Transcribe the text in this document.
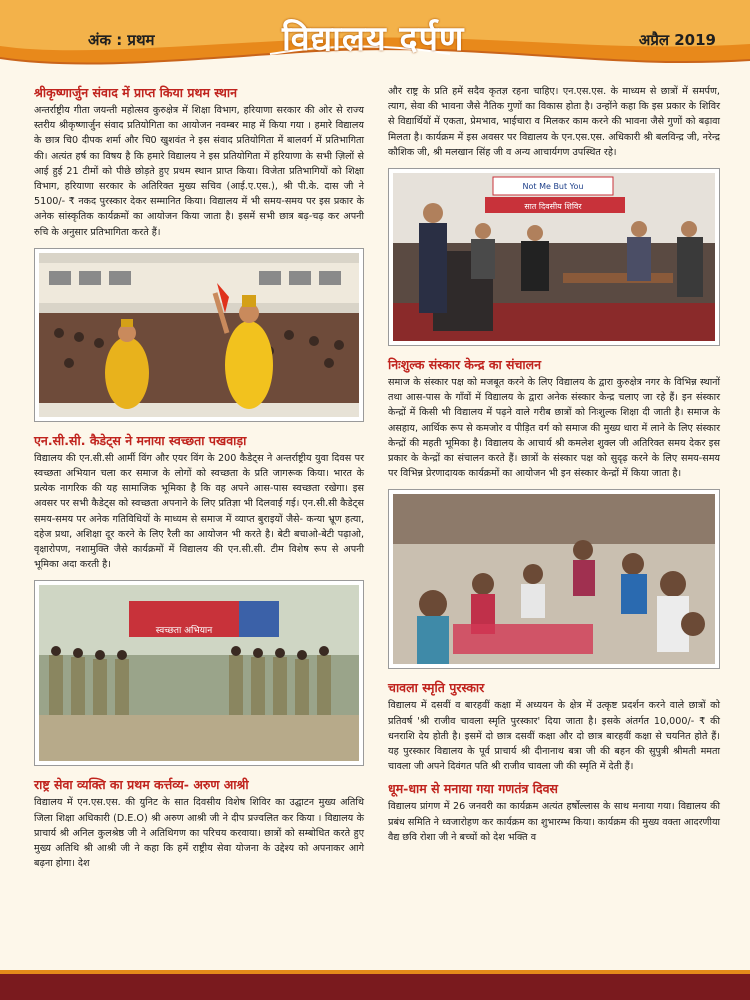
अंक : प्रथम	विद्यालय दर्पण	अप्रैल 2019
श्रीकृष्णार्जुन संवाद में प्राप्त किया प्रथम स्थान

अन्तर्राष्ट्रीय गीता जयन्ती महोत्सव कुरुक्षेत्र में शिक्षा विभाग, हरियाणा सरकार की ओर से राज्य स्तरीय श्रीकृष्णार्जुन संवाद प्रतियोगिता का आयोजन नवम्बर माह में किया गया । हमारे विद्यालय के छात्र चि0 दीपक शर्मा और चि0 खुशवंत ने इस संवाद प्रतियोगिता में बालवर्ग में प्रतिभागिता की। अत्यंत हर्ष का विषय है कि हमारे विद्यालय ने इस प्रतियोगिता में हरियाणा के सभी ज़िलों से आई हुई 21 टीमों को पीछे छोड़ते हुए प्रथम स्थान प्राप्त किया। विजेता प्रतिभागियों को शिक्षा विभाग, हरियाणा सरकार के अतिरिक्त मुख्य सचिव (आई.ए.एस.), श्री पी.के. दास जी ने 5100/- ₹ नकद पुरस्कार देकर सम्मानित किया। विद्यालय में भी समय-समय पर इस प्रकार के अनेक सांस्कृतिक कार्यक्रमों का आयोजन किया जाता है। इसमें सभी छात्र बढ़-चढ़ कर अपनी रुचि के अनुसार प्रतिभागिता करते हैं।

एन.सी.सी. कैडेट्स ने मनाया स्वच्छता पखवाड़ा

विद्यालय की एन.सी.सी आर्मी विंग और एयर विंग के 200 कैडेट्स ने अन्तर्राष्ट्रीय युवा दिवस पर स्वच्छता अभियान चला कर समाज के लोगों को स्वच्छता के प्रति जागरूक किया। भारत के प्रत्येक नागरिक की यह सामाजिक भूमिका है कि वह अपने आस-पास स्वच्छता रखेगा। इस अवसर पर सभी कैडेट्स को स्वच्छता अपनाने के लिए प्रतिज्ञा भी दिलवाई गई। एन.सी.सी कैडेट्स समय-समय पर अनेक गतिविधियों के माध्यम से समाज में व्याप्त बुराइयों जैसे- कन्या भ्रूण हत्या, दहेज प्रथा, अशिक्षा दूर करने के लिए रैली का आयोजन भी करते है। बेटी बचाओ-बेटी पढ़ाओ, वृक्षारोपण, नशामुक्ति जैसे कार्यक्रमों में विद्यालय की एन.सी.सी. टीम विशेष रूप से अपनी भूमिका अदा करती है।

स्वच्छता अभियान
राष्ट्र सेवा व्यक्ति का प्रथम कर्त्तव्य- अरुण आश्री

विद्यालय में एन.एस.एस. की युनिट के सात दिवसीय विशेष शिविर का उद्घाटन मुख्य अतिथि जिला शिक्षा अधिकारी (D.E.O) श्री अरुण आश्री जी ने दीप प्रज्वलित कर किया । विद्यालय के प्राचार्य श्री अनिल कुलश्रेष्ठ जी ने अतिथिगण का परिचय करवाया। छात्रों को सम्बोधित करते हुए मुख्य अतिथि श्री आश्री जी ने कहा कि हमें राष्ट्रीय सेवा योजना के उद्देश्य को अपनाकर आगे बढ़ना होगा। देश

और राष्ट्र के प्रति हमें सदैव कृतज्ञ रहना चाहिए। एन.एस.एस. के माध्यम से छात्रों में समर्पण, त्याग, सेवा की भावना जैसे नैतिक गुणों का विकास होता है। उन्होंने कहा कि इस प्रकार के शिविर से विद्यार्थियों में एकता, प्रेमभाव, भाईचारा व मिलकर काम करने की भावना जैसे गुणों को बढ़ावा मिलता है। कार्यक्रम में इस अवसर पर विद्यालय के एन.एस.एस. अधिकारी श्री बलविन्द्र जी, नरेन्द्र कौशिक जी, श्री मलखान सिंह जी व अन्य आचार्यगण उपस्थित रहे।

Not Me But You
सात दिवसीय शिविर
निःशुल्क संस्कार केन्द्र का संचालन

समाज के संस्कार पक्ष को मजबूत करने के लिए विद्यालय के द्वारा कुरुक्षेत्र नगर के विभिन्न स्थानों तथा आस-पास के गाँवों में विद्यालय के द्वारा अनेक संस्कार केन्द्र चलाए जा रहे हैं। इन संस्कार केन्द्रों में किसी भी विद्यालय में पढ़ने वाले गरीब छात्रों को निःशुल्क शिक्षा दी जाती है। समाज के असहाय, आर्थिक रूप से कमजोर व पीड़ित वर्ग को समाज की मुख्य धारा में लाने के लिए संस्कार केन्द्रों की महती भूमिका है। विद्यालय के आचार्य श्री कमलेश शुक्ल जी अतिरिक्त समय देकर इस प्रकार के केन्द्रों का संचालन करते हैं। छात्रों के संस्कार पक्ष को सुदृढ़ करने के लिए समय-समय पर विभिन्न प्रेरणादायक कार्यक्रमों का आयोजन भी इन संस्कार केन्द्रों में किया जाता है।

चावला स्मृति पुरस्कार

विद्यालय में दसवीं व बारहवीं कक्षा में अध्ययन के क्षेत्र में उत्कृष्ट प्रदर्शन करने वाले छात्रों को प्रतिवर्ष 'श्री राजीव चावला स्मृति पुरस्कार' दिया जाता है। इसके अंतर्गत 10,000/- ₹ की धनराशि देय होती है। इसमें दो छात्र दसवीं कक्षा और दो छात्र बारहवीं कक्षा से चयनित होते हैं। यह पुरस्कार विद्यालय के पूर्व प्राचार्य श्री दीनानाथ बत्रा जी की बहन की सुपुत्री श्रीमती ममता चावला जी अपने दिवंगत पति श्री राजीव चावला जी की स्मृति में देती हैं।

धूम-धाम से मनाया गया गणतंत्र दिवस

विद्यालय प्रांगण में 26 जनवरी का कार्यक्रम अत्यंत हर्षोल्लास के साथ मनाया गया। विद्यालय की प्रबंध समिति ने ध्वजारोहण कर कार्यक्रम का शुभारम्भ किया। कार्यक्रम की मुख्य वक्ता आदरणीया वैद्य छवि रोशा जी ने बच्चों को देश भक्ति व
